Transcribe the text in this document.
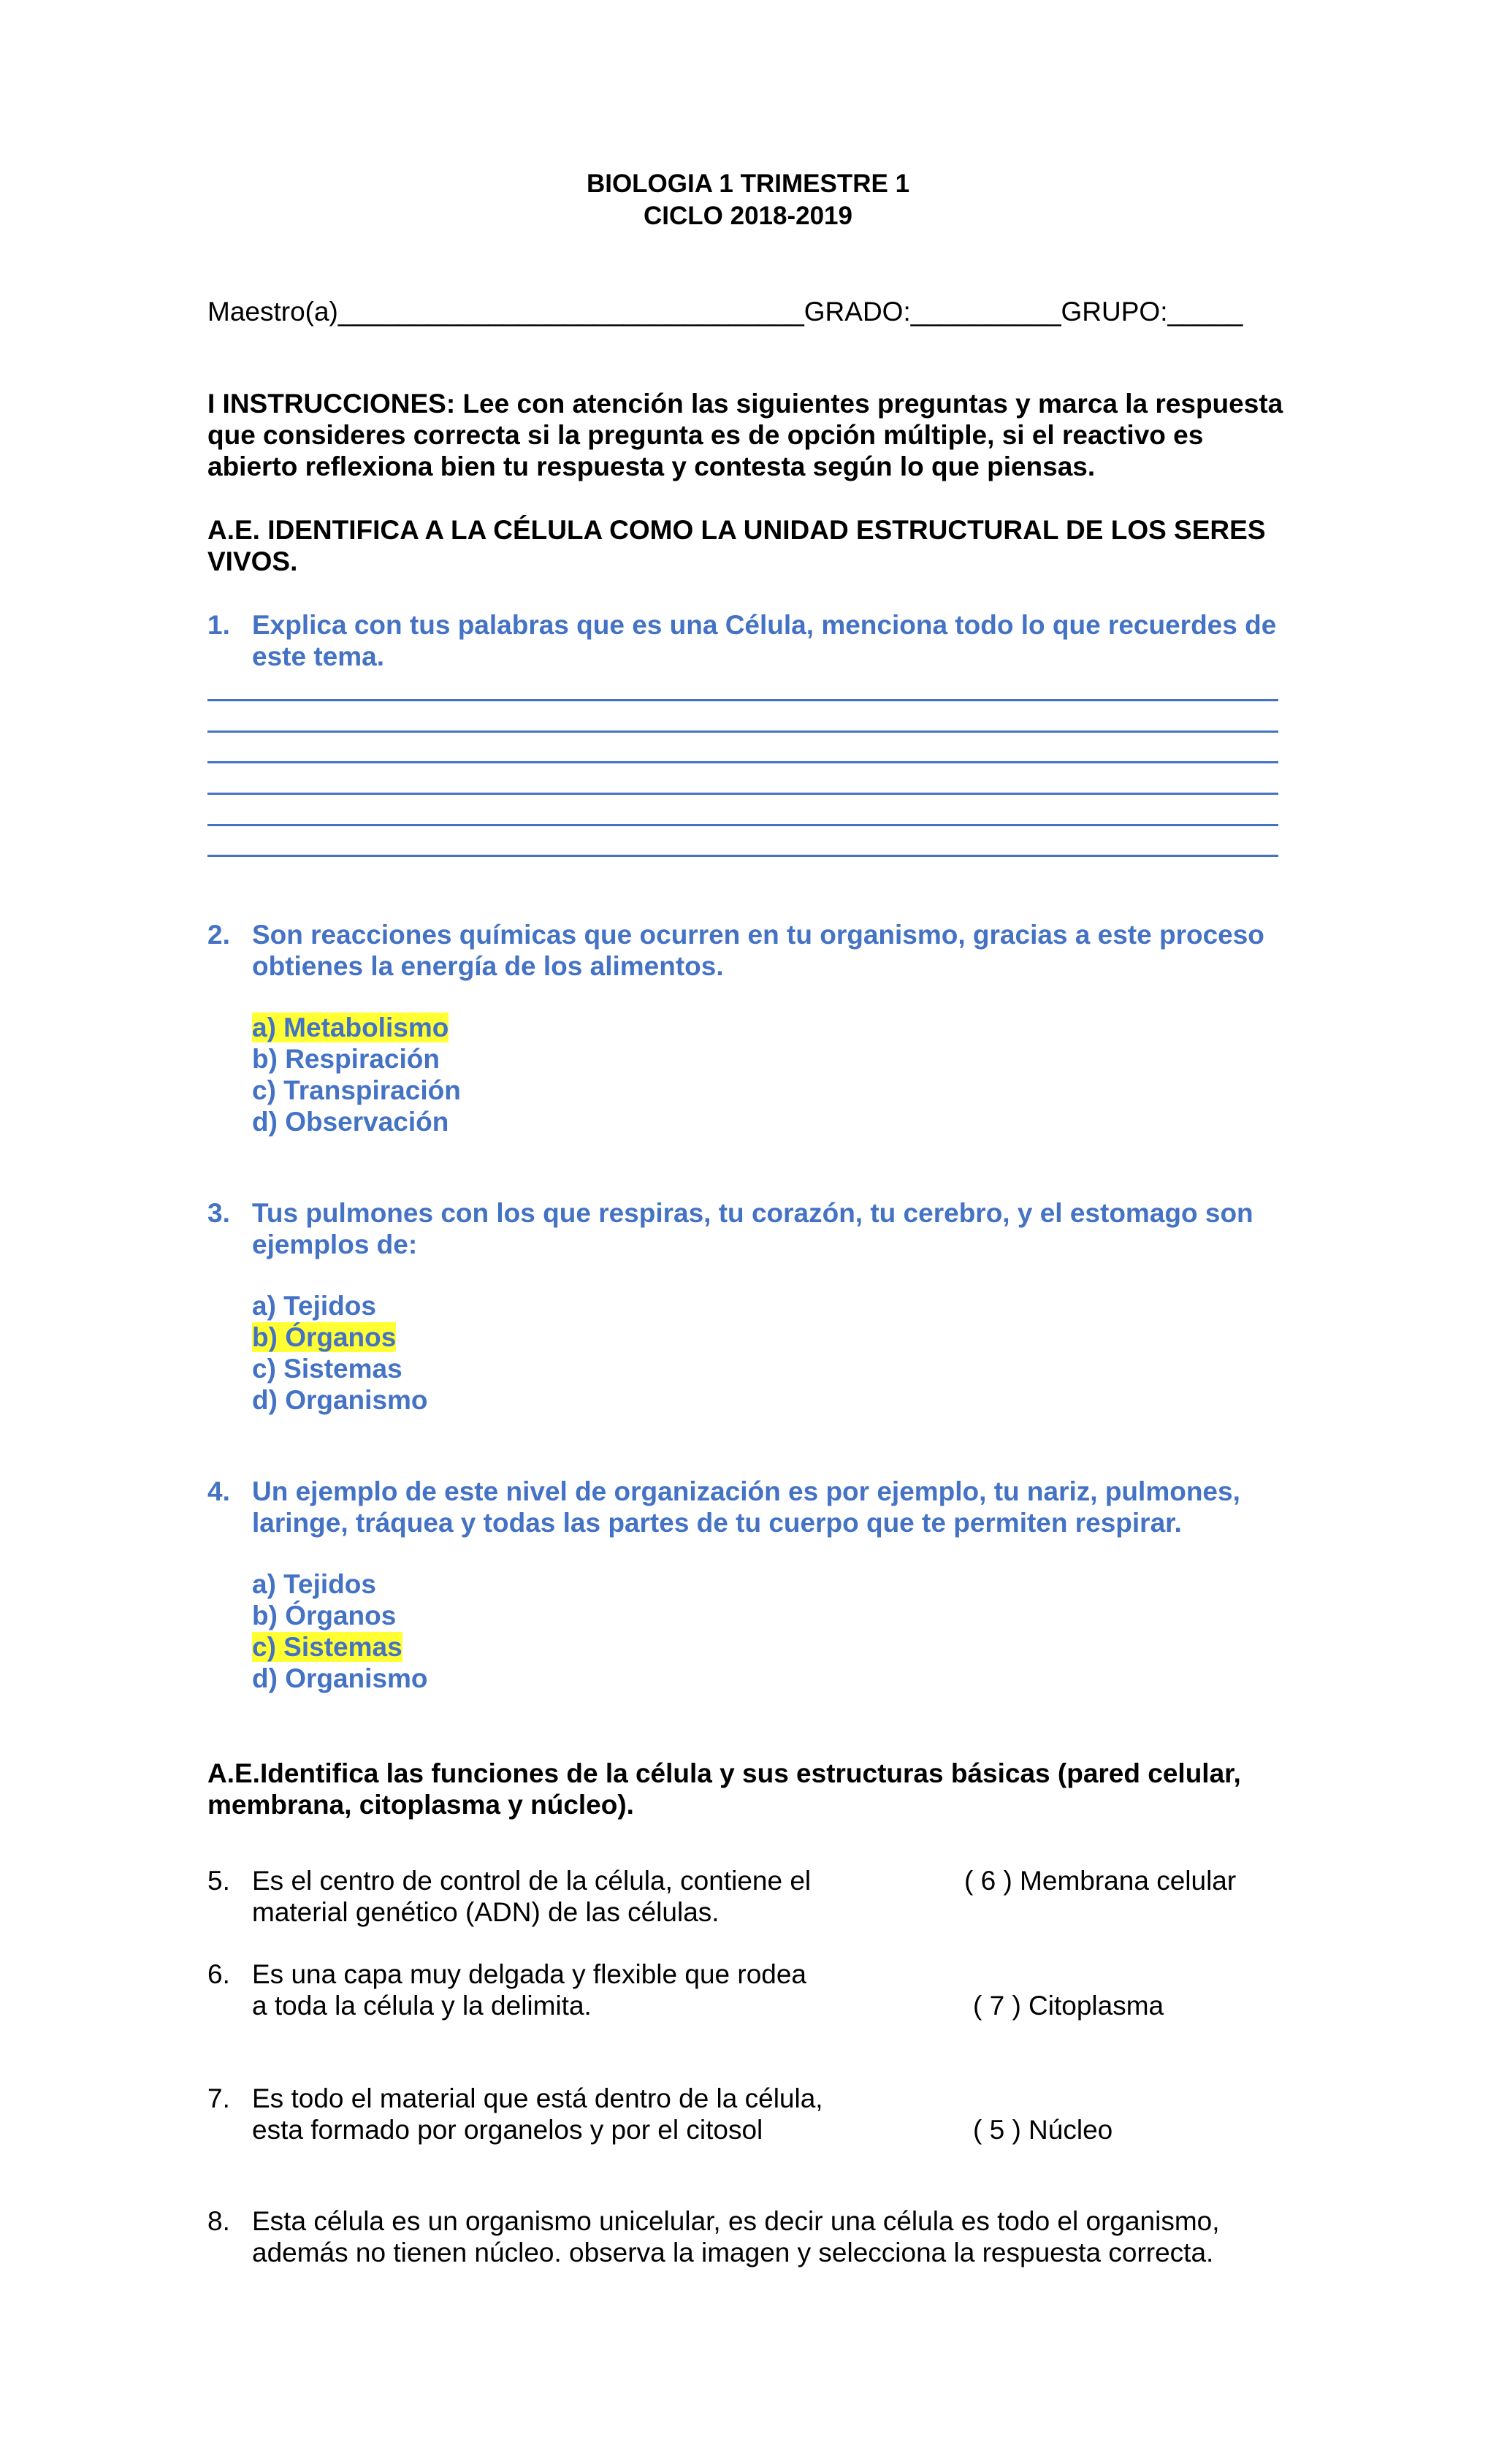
BIOLOGIA 1 TRIMESTRE 1
CICLO 2018-2019
Maestro(a)_______________________________GRADO:__________GRUPO:_____
I INSTRUCCIONES: Lee con atención las siguientes preguntas y marca la respuesta
que consideres correcta si la pregunta es de opción múltiple, si el reactivo es
abierto reflexiona bien tu respuesta y contesta según lo que piensas.
A.E. IDENTIFICA A LA CÉLULA COMO LA UNIDAD ESTRUCTURAL DE LOS SERES
VIVOS.
1. Explica con tus palabras que es una Célula, menciona todo lo que recuerdes de
este tema.
2. Son reacciones químicas que ocurren en tu organismo, gracias a este proceso
obtienes la energía de los alimentos.
a) Metabolismo
b) Respiración
c) Transpiración
d) Observación
3. Tus pulmones con los que respiras, tu corazón, tu cerebro, y el estomago son
ejemplos de:
a) Tejidos
b) Órganos
c) Sistemas
d) Organismo
4. Un ejemplo de este nivel de organización es por ejemplo, tu nariz, pulmones,
laringe, tráquea y todas las partes de tu cuerpo que te permiten respirar.
a) Tejidos
b) Órganos
c) Sistemas
d) Organismo
A.E.Identifica las funciones de la célula y sus estructuras básicas (pared celular,
membrana, citoplasma y núcleo).
5. Es el centro de control de la célula, contiene el
material genético (ADN) de las células.
( 6 ) Membrana celular
6. Es una capa muy delgada y flexible que rodea
a toda la célula y la delimita.	( 7 ) Citoplasma
7. Es todo el material que está dentro de la célula,
esta formado por organelos y por el citosol	( 5 ) Núcleo
8. Esta célula es un organismo unicelular, es decir una célula es todo el organismo,
además no tienen núcleo. observa la imagen y selecciona la respuesta correcta.
